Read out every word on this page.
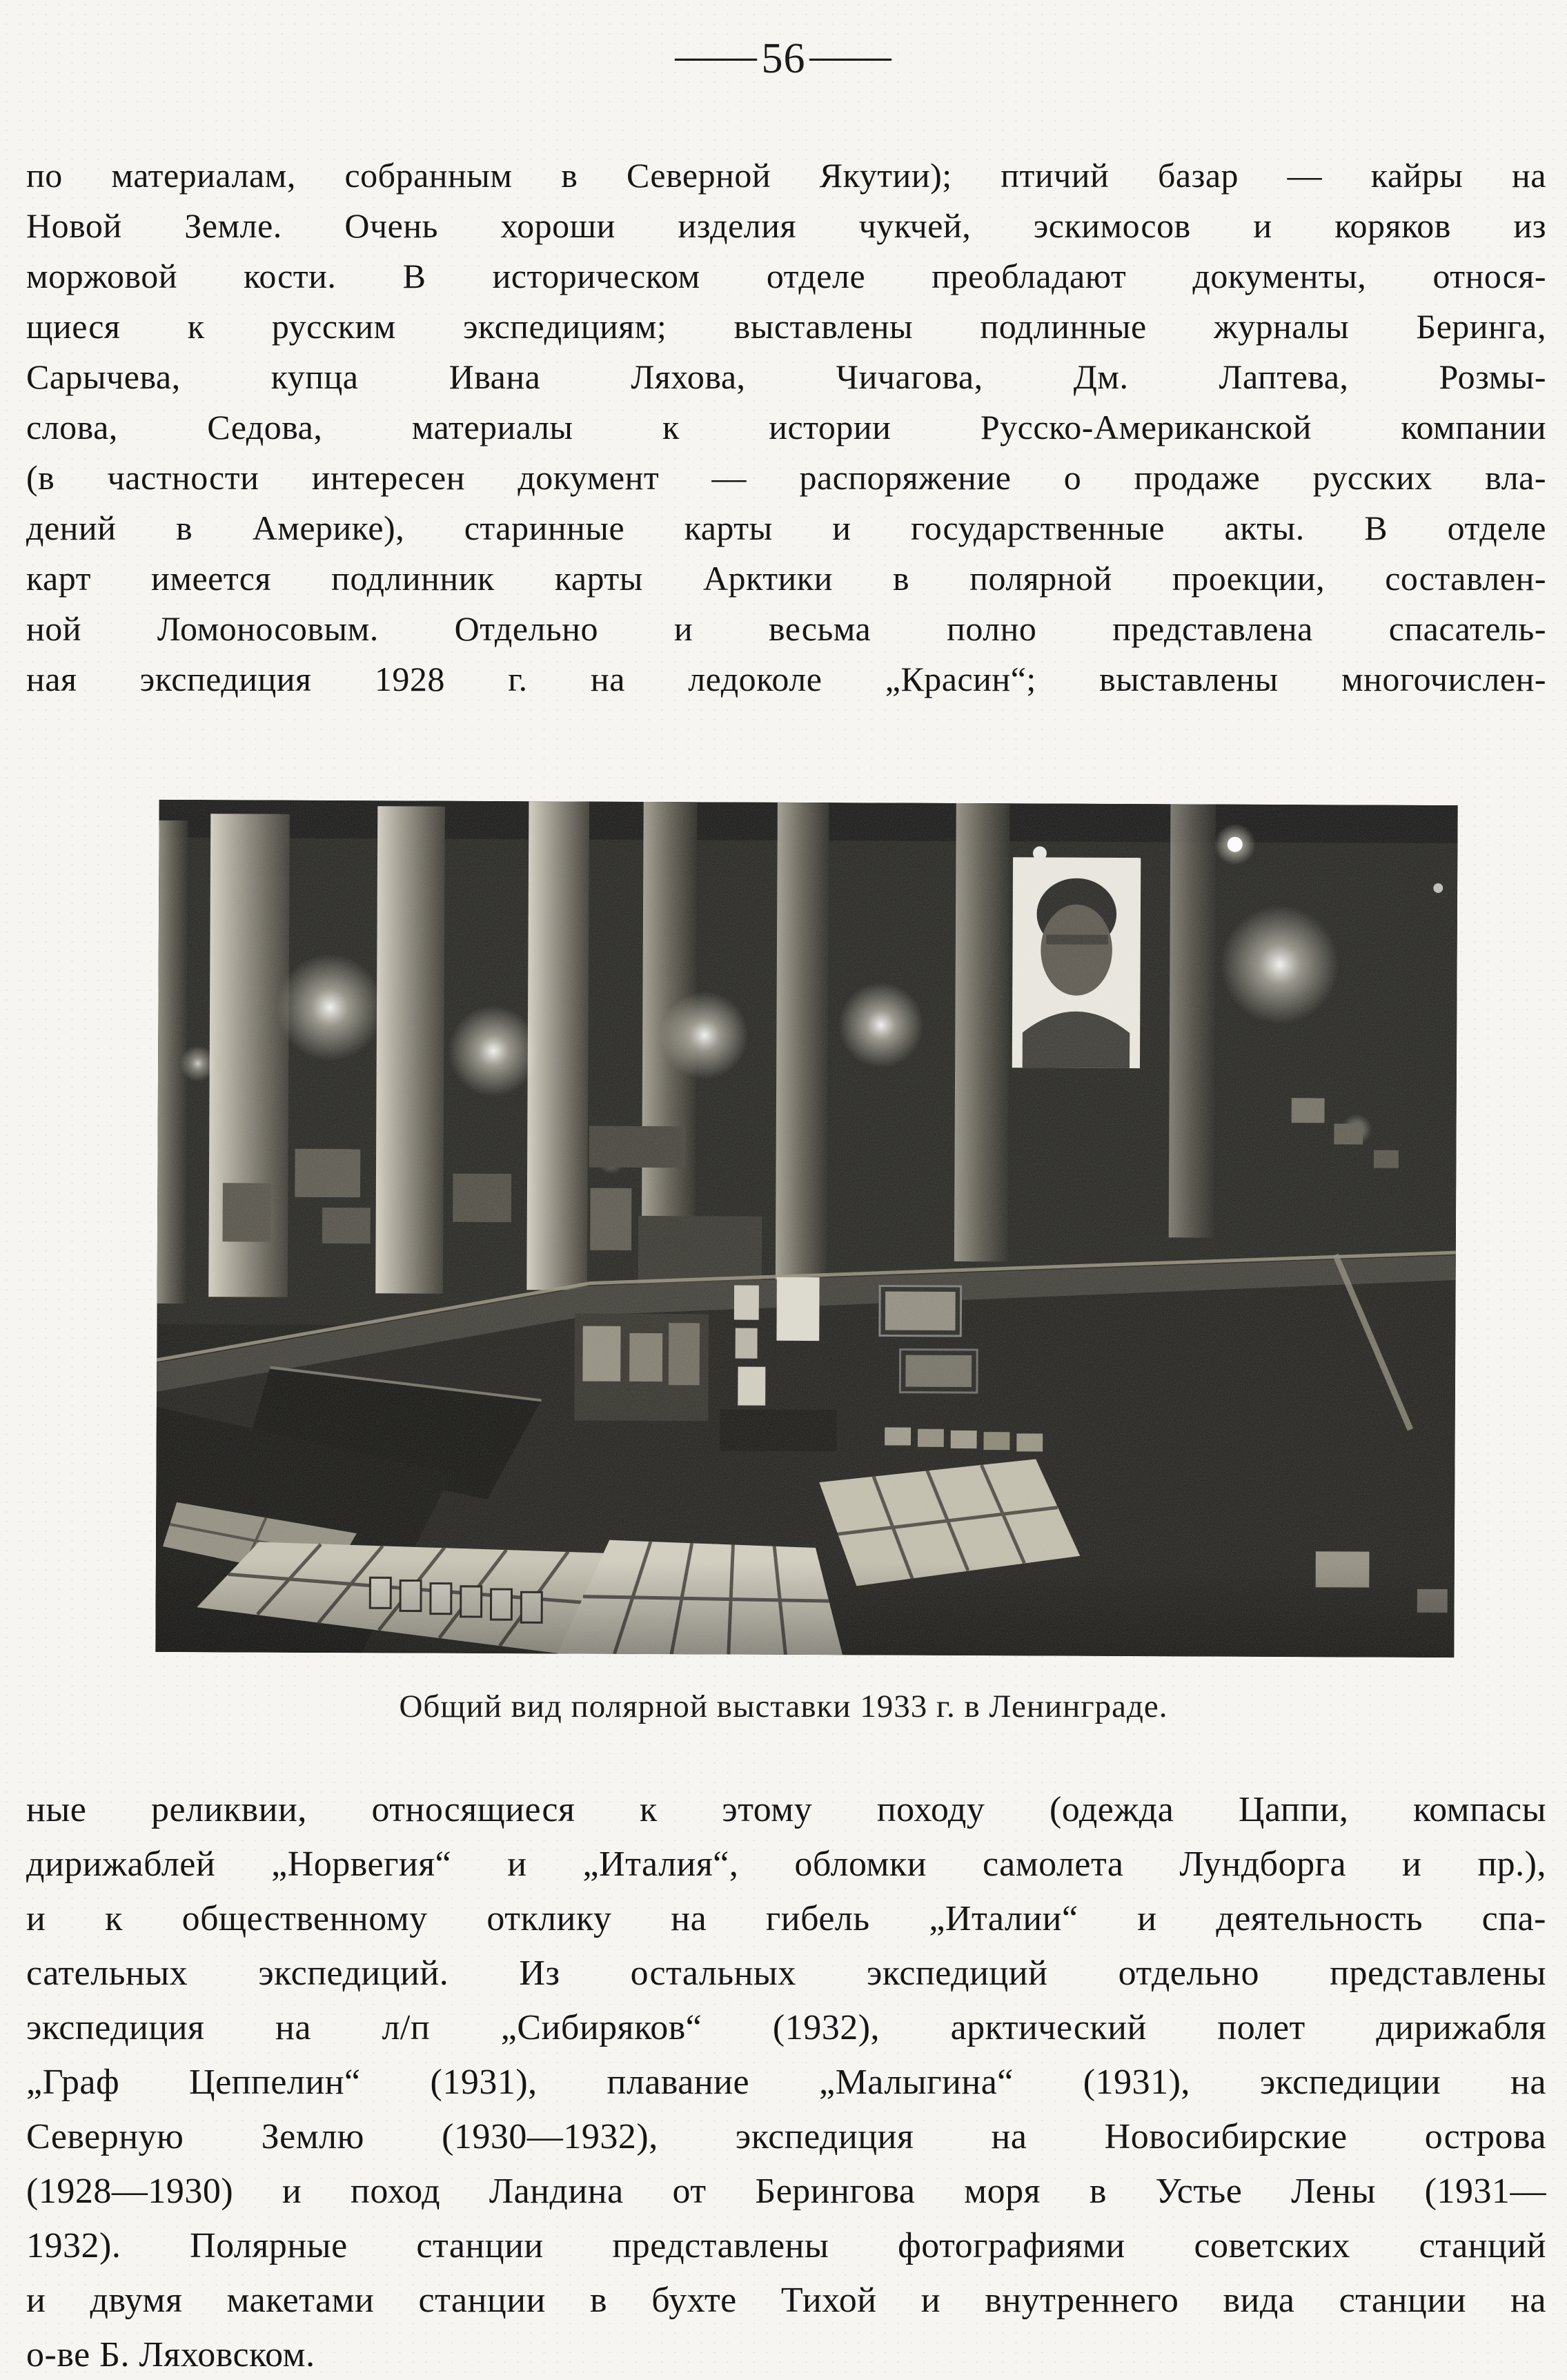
—56—
по материалам, собранным в Северной Якутии); птичий базар — кайры на
Новой Земле. Очень хороши изделия чукчей, эскимосов и коряков из
моржовой кости. В историческом отделе преобладают документы, относя-
щиеся к русским экспедициям; выставлены подлинные журналы Беринга,
Сарычева, купца Ивана Ляхова, Чичагова, Дм. Лаптева, Розмы-
слова, Седова, материалы к истории Русско-Американской компании
(в частности интересен документ — распоряжение о продаже русских вла-
дений в Америке), старинные карты и государственные акты. В отделе
карт имеется подлинник карты Арктики в полярной проекции, составлен-
ной Ломоносовым. Отдельно и весьма полно представлена спасатель-
ная экспедиция 1928 г. на ледоколе „Красин“; выставлены многочислен-
Общий вид полярной выставки 1933 г. в Ленинграде.
ные реликвии, относящиеся к этому походу (одежда Цаппи, компасы
дирижаблей „Норвегия“ и „Италия“, обломки самолета Лундборга и пр.),
и к общественному отклику на гибель „Италии“ и деятельность спа-
сательных экспедиций. Из остальных экспедиций отдельно представлены
экспедиция на л/п „Сибиряков“ (1932), арктический полет дирижабля
„Граф Цеппелин“ (1931), плавание „Малыгина“ (1931), экспедиции на
Северную Землю (1930—1932), экспедиция на Новосибирские острова
(1928—1930) и поход Ландина от Берингова моря в Устье Лены (1931—
1932). Полярные станции представлены фотографиями советских станций
и двумя макетами станции в бухте Тихой и внутреннего вида станции на
о-ве Б. Ляховском.
